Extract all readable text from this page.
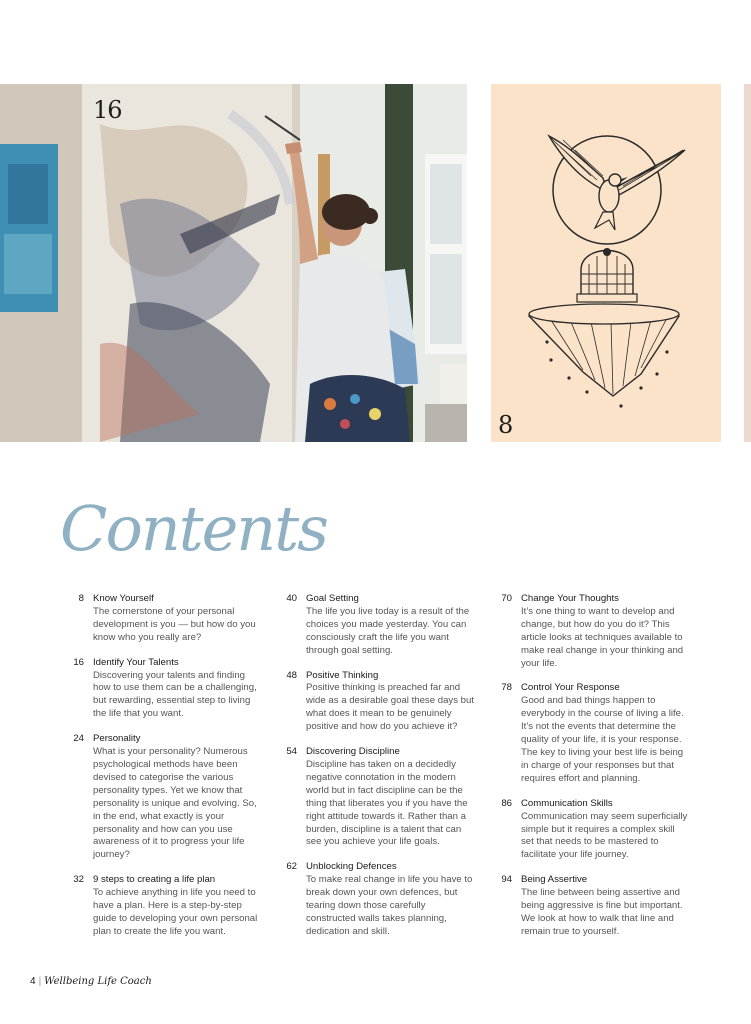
16
8
Contents
8 Know Yourself
The cornerstone of your personal development is you — but how do you know who you really are?
16 Identify Your Talents
Discovering your talents and finding how to use them can be a challenging, but rewarding, essential step to living the life that you want.
24 Personality
What is your personality? Numerous psychological methods have been devised to categorise the various personality types. Yet we know that personality is unique and evolving. So, in the end, what exactly is your personality and how can you use awareness of it to progress your life journey?
32 9 steps to creating a life plan
To achieve anything in life you need to have a plan. Here is a step-by-step guide to developing your own personal plan to create the life you want.
40 Goal Setting
The life you live today is a result of the choices you made yesterday. You can consciously craft the life you want through goal setting.
48 Positive Thinking
Positive thinking is preached far and wide as a desirable goal these days but what does it mean to be genuinely positive and how do you achieve it?
54 Discovering Discipline
Discipline has taken on a decidedly negative connotation in the modern world but in fact discipline can be the thing that liberates you if you have the right attitude towards it. Rather than a burden, discipline is a talent that can see you achieve your life goals.
62 Unblocking Defences
To make real change in life you have to break down your own defences, but tearing down those carefully constructed walls takes planning, dedication and skill.
70 Change Your Thoughts
It’s one thing to want to develop and change, but how do you do it? This article looks at techniques available to make real change in your thinking and your life.
78 Control Your Response
Good and bad things happen to everybody in the course of living a life. It’s not the events that determine the quality of your life, it is your response. The key to living your best life is being in charge of your responses but that requires effort and planning.
86 Communication Skills
Communication may seem superficially simple but it requires a complex skill set that needs to be mastered to facilitate your life journey.
94 Being Assertive
The line between being assertive and being aggressive is fine but important. We look at how to walk that line and remain true to yourself.
4 | Wellbeing Life Coach
